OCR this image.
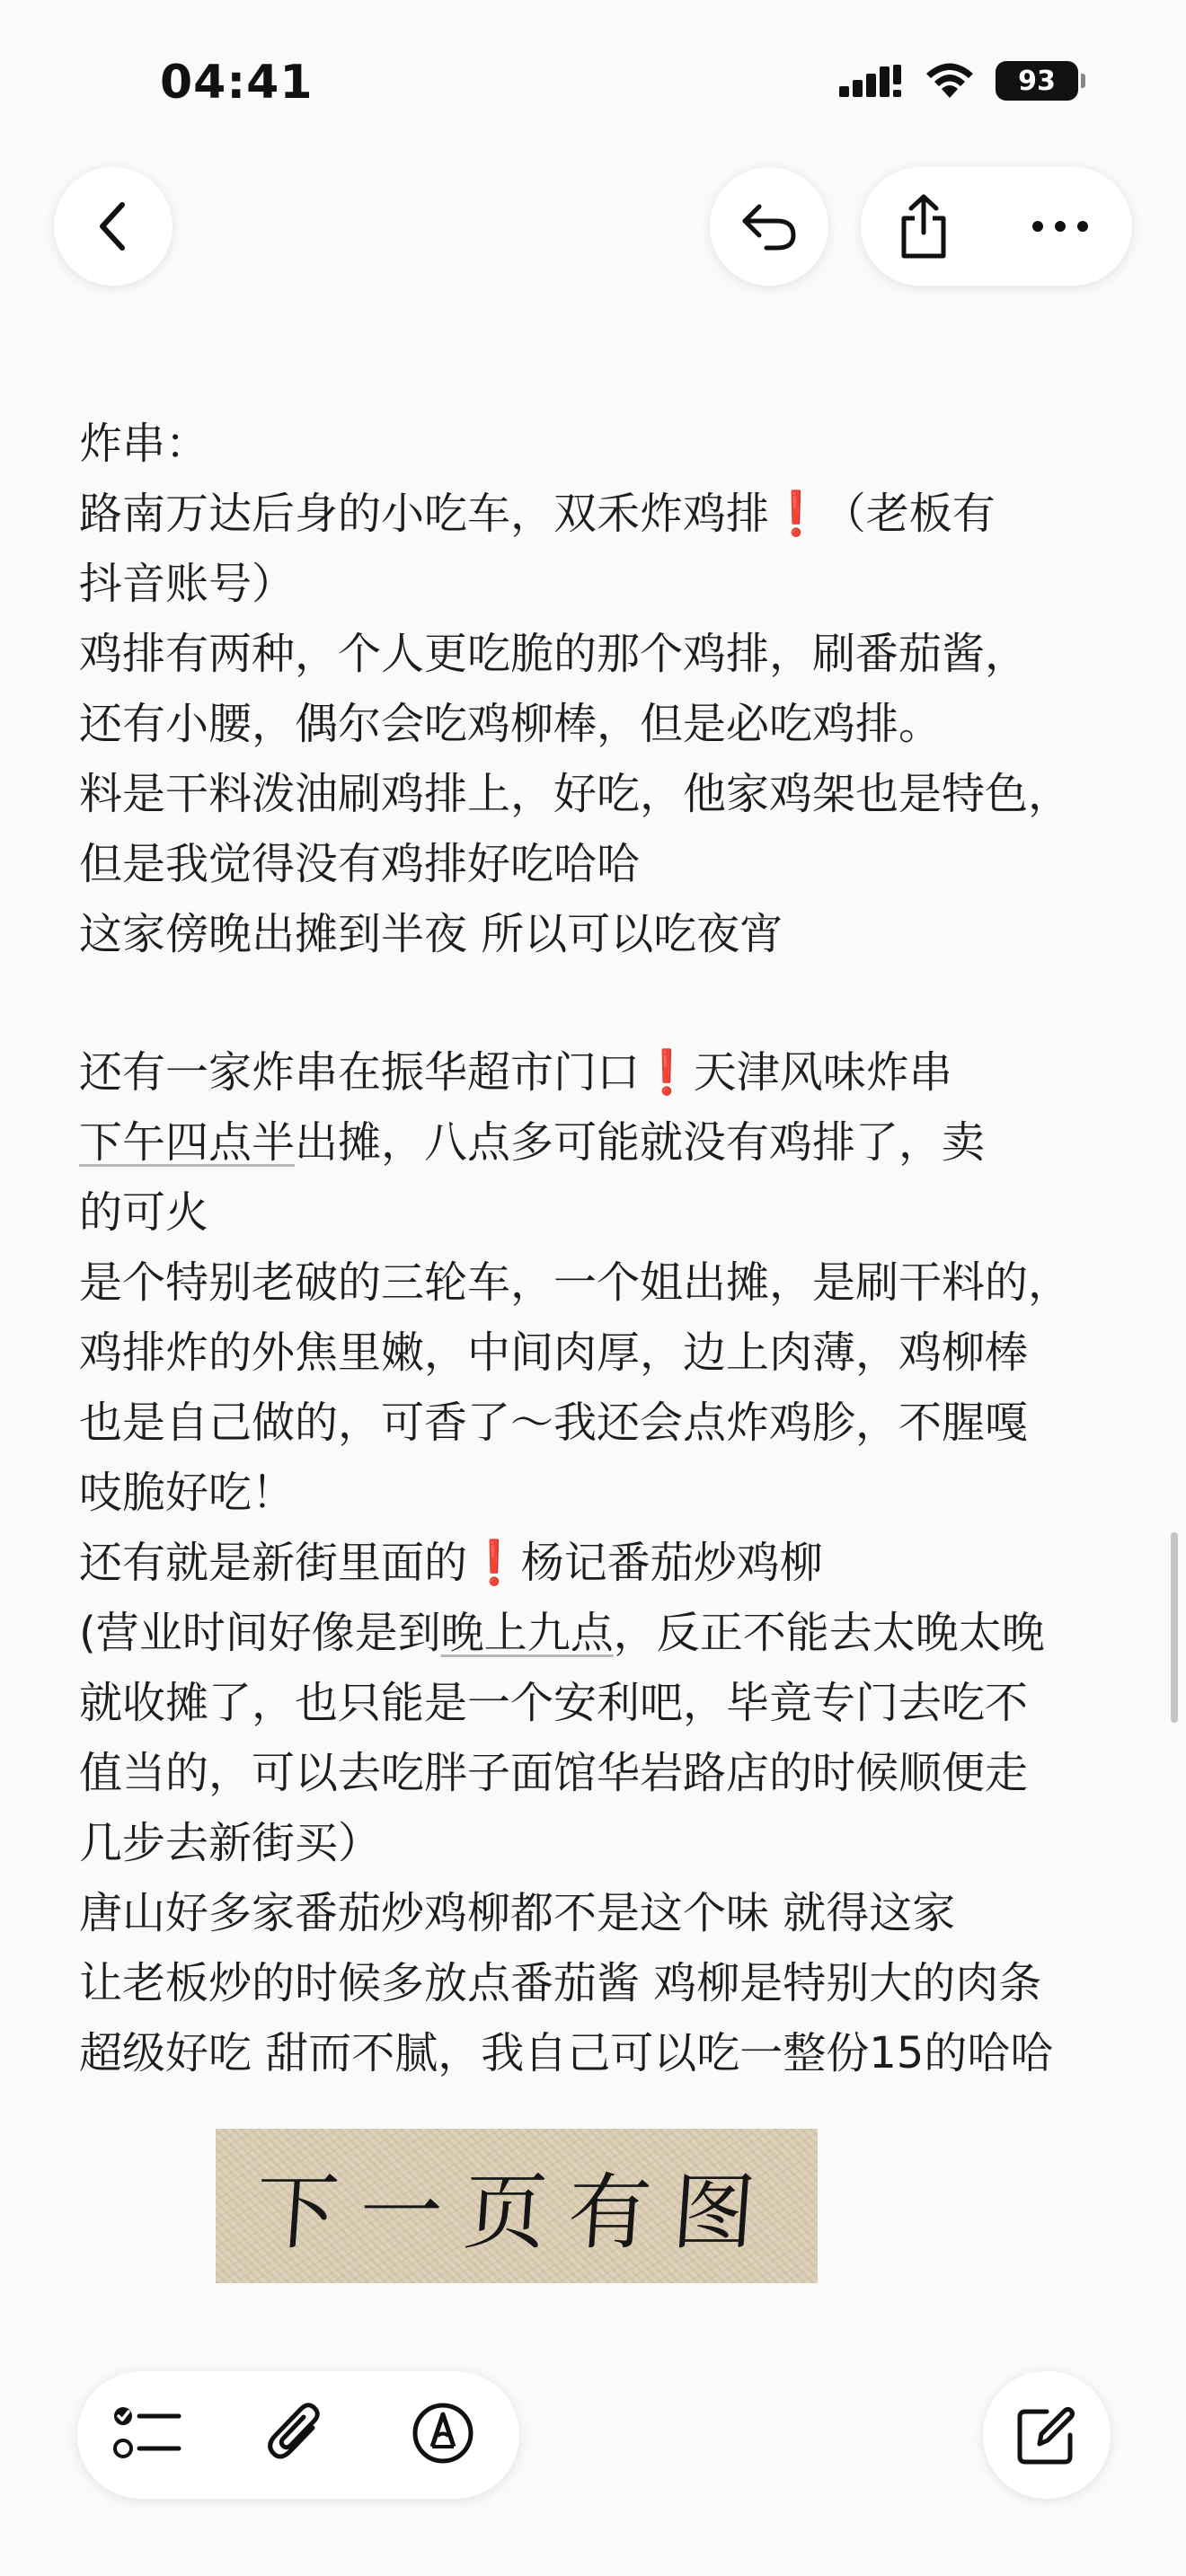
04:41	93
炸串：
路南万达后身的小吃车，双禾炸鸡排❗（老板有
抖音账号）
鸡排有两种，个人更吃脆的那个鸡排，刷番茄酱，
还有小腰，偶尔会吃鸡柳棒，但是必吃鸡排。
料是干料泼油刷鸡排上，好吃，他家鸡架也是特色，
但是我觉得没有鸡排好吃哈哈
这家傍晚出摊到半夜 所以可以吃夜宵
还有一家炸串在振华超市门口❗天津风味炸串
下午四点半出摊，八点多可能就没有鸡排了，卖
的可火
是个特别老破的三轮车，一个姐出摊，是刷干料的，
鸡排炸的外焦里嫩，中间肉厚，边上肉薄，鸡柳棒
也是自己做的，可香了～我还会点炸鸡胗，不腥嘎
吱脆好吃！
还有就是新街里面的❗杨记番茄炒鸡柳
(营业时间好像是到晚上九点，反正不能去太晚太晚
就收摊了，也只能是一个安利吧，毕竟专门去吃不
值当的，可以去吃胖子面馆华岩路店的时候顺便走
几步去新街买）
唐山好多家番茄炒鸡柳都不是这个味 就得这家
让老板炒的时候多放点番茄酱 鸡柳是特别大的肉条
超级好吃 甜而不腻，我自己可以吃一整份15的哈哈
下一页有图
